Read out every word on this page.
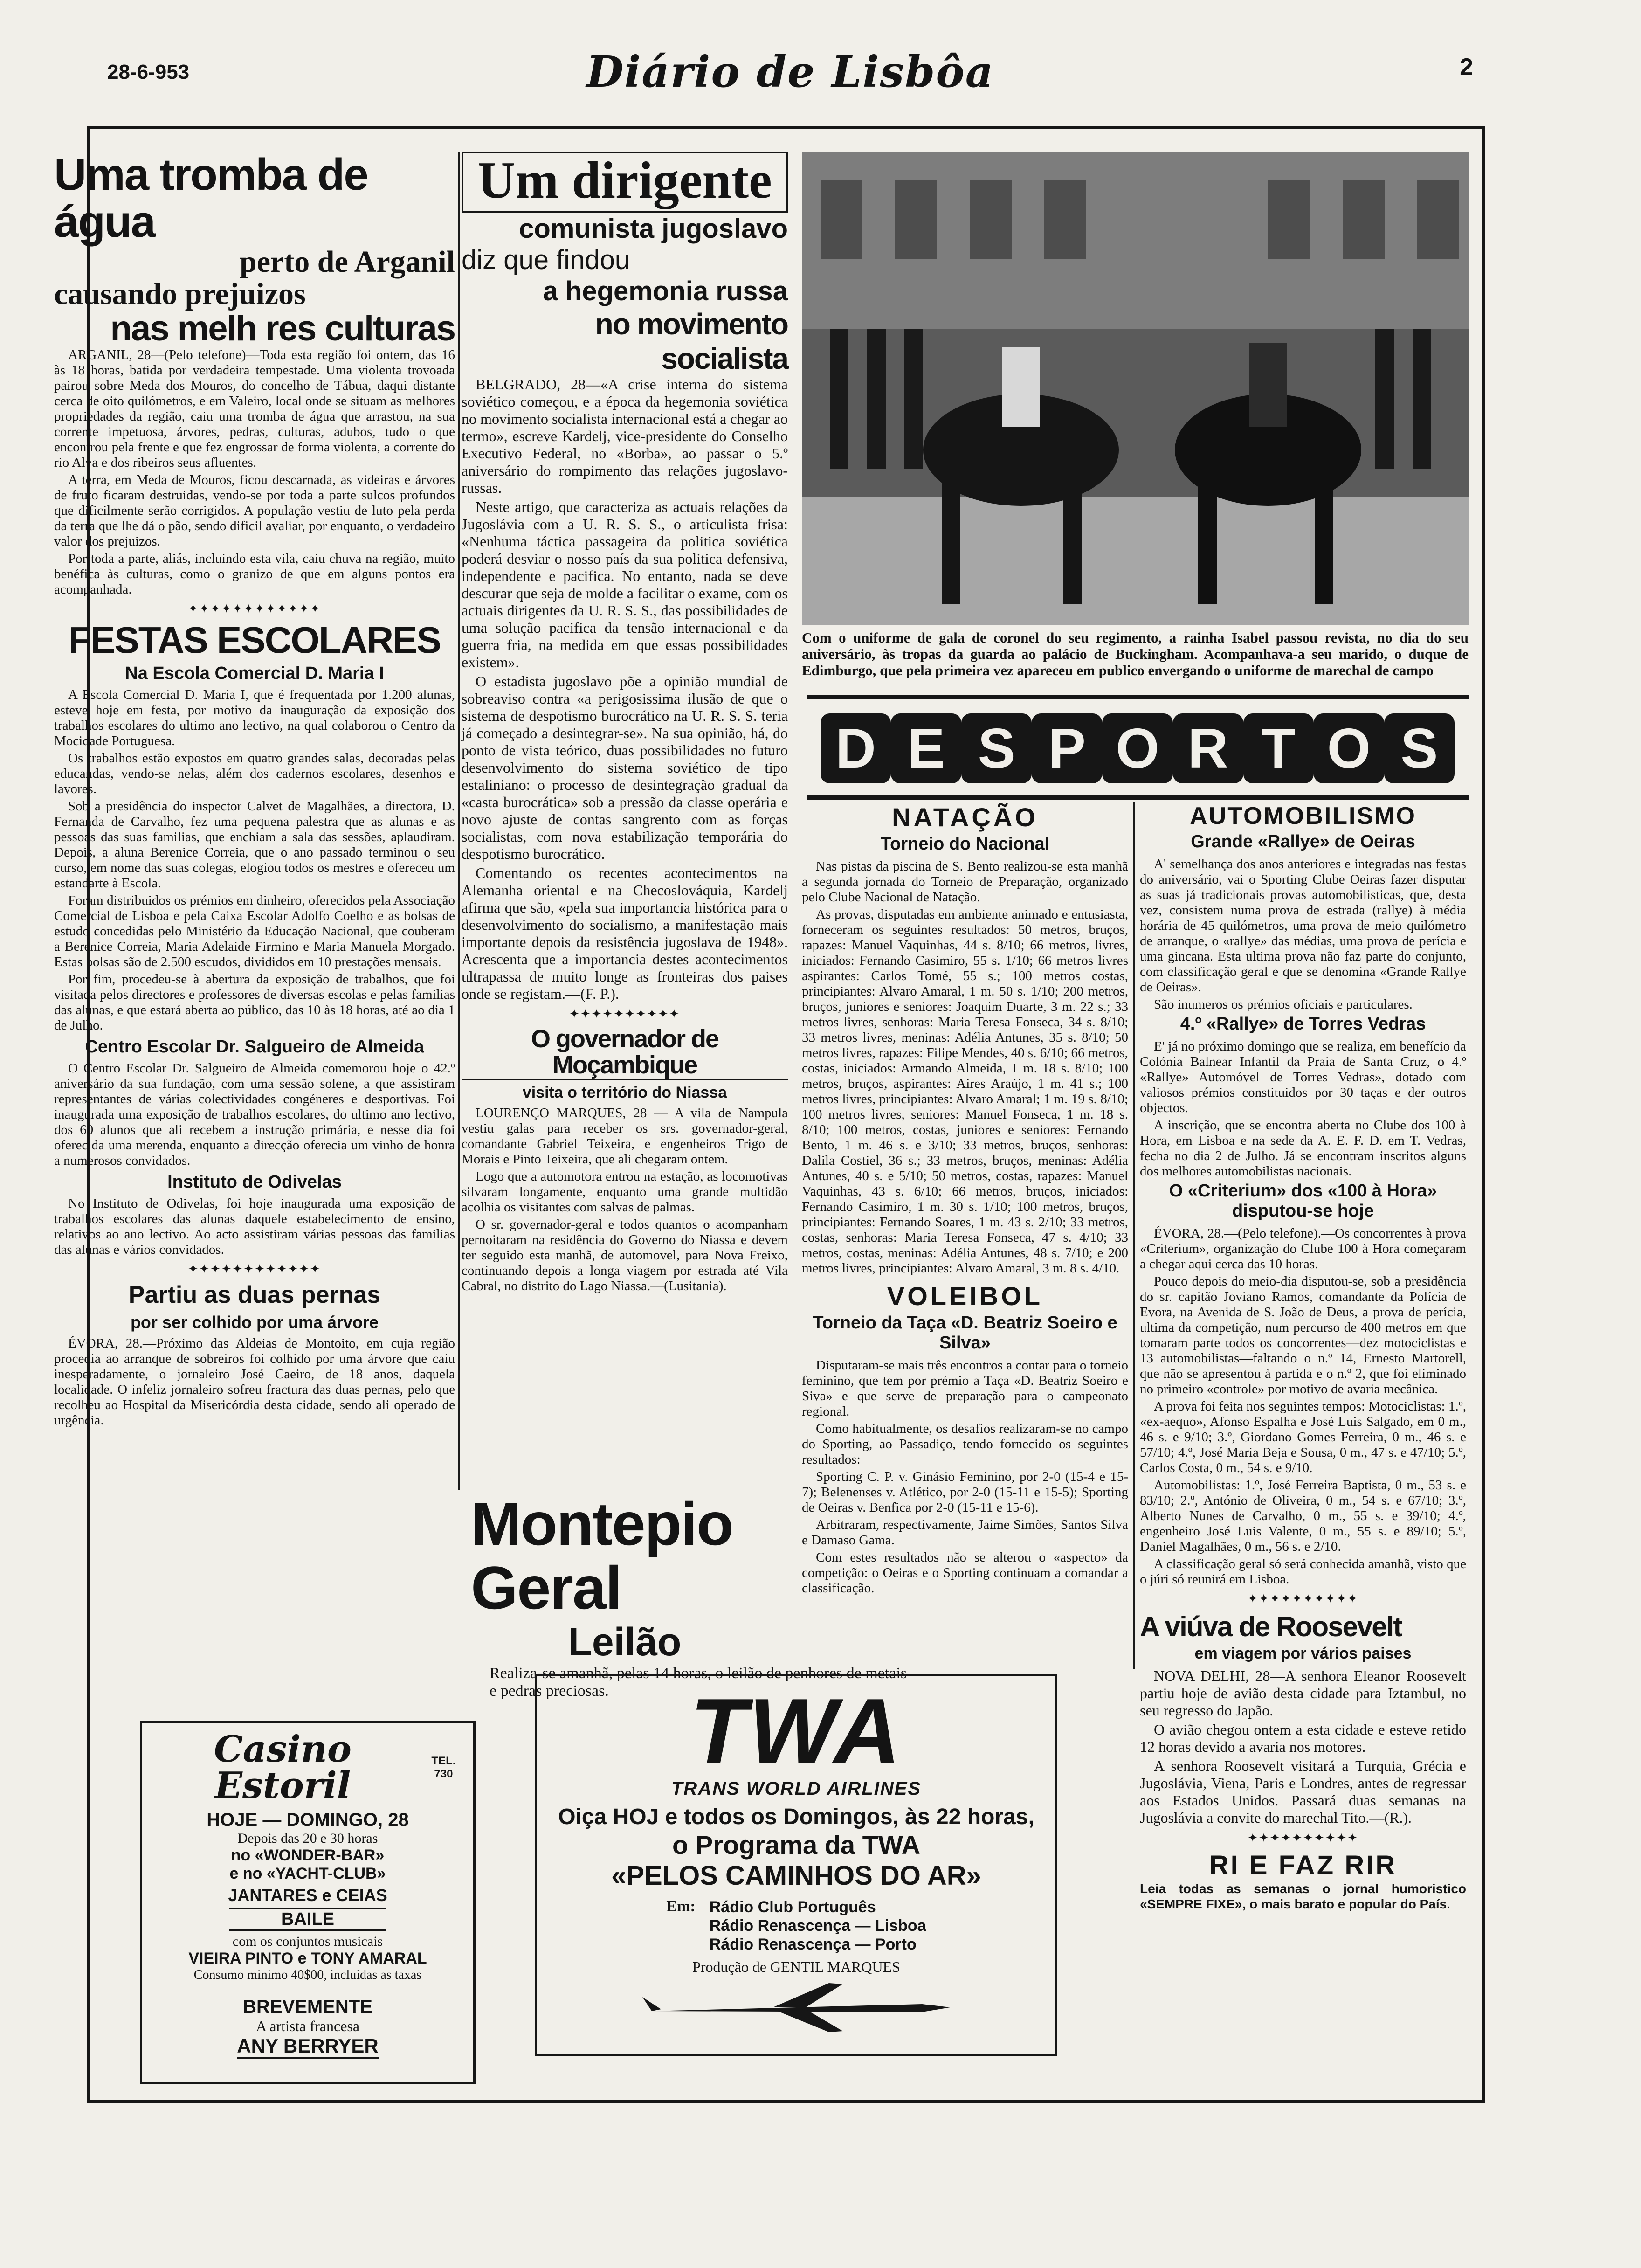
28-6-953	Diário de Lisbôa	2
Uma tromba de água
perto de Arganil
causando prejuizos
nas melh res culturas

ARGANIL, 28—(Pelo telefone)—Toda esta região foi ontem, das 16 às 18 horas, batida por verdadeira tempestade. Uma violenta trovoada pairou sobre Meda dos Mouros, do concelho de Tábua, daqui distante cerca de oito quilómetros, e em Valeiro, local onde se situam as melhores propriedades da região, caiu uma tromba de água que arrastou, na sua corrente impetuosa, árvores, pedras, culturas, adubos, tudo o que encontrou pela frente e que fez engrossar de forma violenta, a corrente do rio Alva e dos ribeiros seus afluentes.

A terra, em Meda de Mouros, ficou descarnada, as videiras e árvores de fruto ficaram destruidas, vendo-se por toda a parte sulcos profundos que dificilmente serão corrigidos. A população vestiu de luto pela perda da terra que lhe dá o pão, sendo dificil avaliar, por enquanto, o verdadeiro valor dos prejuizos.

Por toda a parte, aliás, incluindo esta vila, caiu chuva na região, muito benéfica às culturas, como o granizo de que em alguns pontos era acompanhada.

✦✦✦✦✦✦✦✦✦✦✦✦
FESTAS ESCOLARES
Na Escola Comercial D. Maria I

A Escola Comercial D. Maria I, que é frequentada por 1.200 alunas, esteve hoje em festa, por motivo da inauguração da exposição dos trabalhos escolares do ultimo ano lectivo, na qual colaborou o Centro da Mocidade Portuguesa.

Os trabalhos estão expostos em quatro grandes salas, decoradas pelas educandas, vendo-se nelas, além dos cadernos escolares, desenhos e lavores.

Sob a presidência do inspector Calvet de Magalhães, a directora, D. Fernanda de Carvalho, fez uma pequena palestra que as alunas e as pessoas das suas familias, que enchiam a sala das sessões, aplaudiram. Depois, a aluna Berenice Correia, que o ano passado terminou o seu curso, em nome das suas colegas, elogiou todos os mestres e ofereceu um estandarte à Escola.

Foram distribuidos os prémios em dinheiro, oferecidos pela Associação Comercial de Lisboa e pela Caixa Escolar Adolfo Coelho e as bolsas de estudo concedidas pelo Ministério da Educação Nacional, que couberam a Berenice Correia, Maria Adelaide Firmino e Maria Manuela Morgado. Estas bolsas são de 2.500 escudos, divididos em 10 prestações mensais.

Por fim, procedeu-se à abertura da exposição de trabalhos, que foi visitada pelos directores e professores de diversas escolas e pelas familias das alunas, e que estará aberta ao público, das 10 às 18 horas, até ao dia 1 de Julho.

Centro Escolar Dr. Salgueiro de Almeida

O Centro Escolar Dr. Salgueiro de Almeida comemorou hoje o 42.º aniversário da sua fundação, com uma sessão solene, a que assistiram representantes de várias colectividades congéneres e desportivas. Foi inaugurada uma exposição de trabalhos escolares, do ultimo ano lectivo, dos 60 alunos que ali recebem a instrução primária, e nesse dia foi oferecida uma merenda, enquanto a direcção oferecia um vinho de honra a numerosos convidados.

Instituto de Odivelas

No Instituto de Odivelas, foi hoje inaugurada uma exposição de trabalhos escolares das alunas daquele estabelecimento de ensino, relativos ao ano lectivo. Ao acto assistiram várias pessoas das familias das alunas e vários convidados.

✦✦✦✦✦✦✦✦✦✦✦✦
Partiu as duas pernas
por ser colhido por uma árvore

ÉVORA, 28.—Próximo das Aldeias de Montoito, em cuja região procedia ao arranque de sobreiros foi colhido por uma árvore que caiu inesperadamente, o jornaleiro José Caeiro, de 18 anos, daquela localidade. O infeliz jornaleiro sofreu fractura das duas pernas, pelo que recolheu ao Hospital da Misericórdia desta cidade, sendo ali operado de urgência.

Casino Estoril
TEL. 730
HOJE — DOMINGO, 28
Depois das 20 e 30 horas
no «WONDER-BAR»
e no «YACHT-CLUB»
JANTARES e CEIAS
BAILE
com os conjuntos musicais
VIEIRA PINTO e TONY AMARAL
Consumo minimo 40$00, incluidas as taxas
BREVEMENTE
A artista francesa
ANY BERRYER
Um dirigente
comunista jugoslavo
diz que findou
a hegemonia russa
no movimento socialista

BELGRADO, 28—«A crise interna do sistema soviético começou, e a época da hegemonia soviética no movimento socialista internacional está a chegar ao termo», escreve Kardelj, vice-presidente do Conselho Executivo Federal, no «Borba», ao passar o 5.º aniversário do rompimento das relações jugoslavo-russas.

Neste artigo, que caracteriza as actuais relações da Jugoslávia com a U. R. S. S., o articulista frisa: «Nenhuma táctica passageira da politica soviética poderá desviar o nosso país da sua politica defensiva, independente e pacifica. No entanto, nada se deve descurar que seja de molde a facilitar o exame, com os actuais dirigentes da U. R. S. S., das possibilidades de uma solução pacifica da tensão internacional e da guerra fria, na medida em que essas possibilidades existem».

O estadista jugoslavo põe a opinião mundial de sobreaviso contra «a perigosissima ilusão de que o sistema de despotismo burocrático na U. R. S. S. teria já começado a desintegrar-se». Na sua opinião, há, do ponto de vista teórico, duas possibilidades no futuro desenvolvimento do sistema soviético de tipo estaliniano: o processo de desintegração gradual da «casta burocrática» sob a pressão da classe operária e novo ajuste de contas sangrento com as forças socialistas, com nova estabilização temporária do despotismo burocrático.

Comentando os recentes acontecimentos na Alemanha oriental e na Checoslováquia, Kardelj afirma que são, «pela sua importancia histórica para o desenvolvimento do socialismo, a manifestação mais importante depois da resistência jugoslava de 1948». Acrescenta que a importancia destes acontecimentos ultrapassa de muito longe as fronteiras dos paises onde se registam.—(F. P.).

✦✦✦✦✦✦✦✦✦✦
O governador de Moçambique
visita o território do Niassa

LOURENÇO MARQUES, 28 — A vila de Nampula vestiu galas para receber os srs. governador-geral, comandante Gabriel Teixeira, e engenheiros Trigo de Morais e Pinto Teixeira, que ali chegaram ontem.

Logo que a automotora entrou na estação, as locomotivas silvaram longamente, enquanto uma grande multidão acolhia os visitantes com salvas de palmas.

O sr. governador-geral e todos quantos o acompanham pernoitaram na residência do Governo do Niassa e devem ter seguido esta manhã, de automovel, para Nova Freixo, continuando depois a longa viagem por estrada até Vila Cabral, no distrito do Lago Niassa.—(Lusitania).

Montepio Geral
Leilão

Realiza-se amanhã, pelas 14 horas, o leilão de penhores de metais e pedras preciosas.

Com o uniforme de gala de coronel do seu regimento, a rainha Isabel passou revista, no dia do seu aniversário, às tropas da guarda ao palácio de Buckingham. Acompanhava-a seu marido, o duque de Edimburgo, que pela primeira vez apareceu em publico envergando o uniforme de marechal de campo
D E S P O R T O S
NATAÇÃO
Torneio do Nacional

Nas pistas da piscina de S. Bento realizou-se esta manhã a segunda jornada do Torneio de Preparação, organizado pelo Clube Nacional de Natação.

As provas, disputadas em ambiente animado e entusiasta, forneceram os seguintes resultados: 50 metros, bruços, rapazes: Manuel Vaquinhas, 44 s. 8/10; 66 metros, livres, iniciados: Fernando Casimiro, 55 s. 1/10; 66 metros livres aspirantes: Carlos Tomé, 55 s.; 100 metros costas, principiantes: Alvaro Amaral, 1 m. 50 s. 1/10; 200 metros, bruços, juniores e seniores: Joaquim Duarte, 3 m. 22 s.; 33 metros livres, senhoras: Maria Teresa Fonseca, 34 s. 8/10; 33 metros livres, meninas: Adélia Antunes, 35 s. 8/10; 50 metros livres, rapazes: Filipe Mendes, 40 s. 6/10; 66 metros, costas, iniciados: Armando Almeida, 1 m. 18 s. 8/10; 100 metros, bruços, aspirantes: Aires Araújo, 1 m. 41 s.; 100 metros livres, principiantes: Alvaro Amaral; 1 m. 19 s. 8/10; 100 metros livres, seniores: Manuel Fonseca, 1 m. 18 s. 8/10; 100 metros, costas, juniores e seniores: Fernando Bento, 1 m. 46 s. e 3/10; 33 metros, bruços, senhoras: Dalila Costiel, 36 s.; 33 metros, bruços, meninas: Adélia Antunes, 40 s. e 5/10; 50 metros, costas, rapazes: Manuel Vaquinhas, 43 s. 6/10; 66 metros, bruços, iniciados: Fernando Casimiro, 1 m. 30 s. 1/10; 100 metros, bruços, principiantes: Fernando Soares, 1 m. 43 s. 2/10; 33 metros, costas, senhoras: Maria Teresa Fonseca, 47 s. 4/10; 33 metros, costas, meninas: Adélia Antunes, 48 s. 7/10; e 200 metros livres, principiantes: Alvaro Amaral, 3 m. 8 s. 4/10.

VOLEIBOL
Torneio da Taça «D. Beatriz Soeiro e Silva»

Disputaram-se mais três encontros a contar para o torneio feminino, que tem por prémio a Taça «D. Beatriz Soeiro e Siva» e que serve de preparação para o campeonato regional.

Como habitualmente, os desafios realizaram-se no campo do Sporting, ao Passadiço, tendo fornecido os seguintes resultados:

Sporting C. P. v. Ginásio Feminino, por 2-0 (15-4 e 15-7); Belenenses v. Atlético, por 2-0 (15-11 e 15-5); Sporting de Oeiras v. Benfica por 2-0 (15-11 e 15-6).

Arbitraram, respectivamente, Jaime Simões, Santos Silva e Damaso Gama.

Com estes resultados não se alterou o «aspecto» da competição: o Oeiras e o Sporting continuam a comandar a classificação.

AUTOMOBILISMO
Grande «Rallye» de Oeiras

A' semelhança dos anos anteriores e integradas nas festas do aniversário, vai o Sporting Clube Oeiras fazer disputar as suas já tradicionais provas automobilisticas, que, desta vez, consistem numa prova de estrada (rallye) à média horária de 45 quilómetros, uma prova de meio quilómetro de arranque, o «rallye» das médias, uma prova de perícia e uma gincana. Esta ultima prova não faz parte do conjunto, com classificação geral e que se denomina «Grande Rallye de Oeiras».

São inumeros os prémios oficiais e particulares.

4.º «Rallye» de Torres Vedras

E' já no próximo domingo que se realiza, em benefício da Colónia Balnear Infantil da Praia de Santa Cruz, o 4.º «Rallye» Automóvel de Torres Vedras», dotado com valiosos prémios constituidos por 30 taças e der outros objectos.

A inscrição, que se encontra aberta no Clube dos 100 à Hora, em Lisboa e na sede da A. E. F. D. em T. Vedras, fecha no dia 2 de Julho. Já se encontram inscritos alguns dos melhores automobilistas nacionais.

O «Criterium» dos «100 à Hora» disputou-se hoje

ÉVORA, 28.—(Pelo telefone).—Os concorrentes à prova «Criterium», organização do Clube 100 à Hora começaram a chegar aqui cerca das 10 horas.

Pouco depois do meio-dia disputou-se, sob a presidência do sr. capitão Joviano Ramos, comandante da Polícia de Evora, na Avenida de S. João de Deus, a prova de perícia, ultima da competição, num percurso de 400 metros em que tomaram parte todos os concorrentes—dez motociclistas e 13 automobilistas—faltando o n.º 14, Ernesto Martorell, que não se apresentou à partida e o n.º 2, que foi eliminado no primeiro «controle» por motivo de avaria mecânica.

A prova foi feita nos seguintes tempos: Motociclistas: 1.º, «ex-aequo», Afonso Espalha e José Luis Salgado, em 0 m., 46 s. e 9/10; 3.º, Giordano Gomes Ferreira, 0 m., 46 s. e 57/10; 4.º, José Maria Beja e Sousa, 0 m., 47 s. e 47/10; 5.º, Carlos Costa, 0 m., 54 s. e 9/10.

Automobilistas: 1.º, José Ferreira Baptista, 0 m., 53 s. e 83/10; 2.º, António de Oliveira, 0 m., 54 s. e 67/10; 3.º, Alberto Nunes de Carvalho, 0 m., 55 s. e 39/10; 4.º, engenheiro José Luis Valente, 0 m., 55 s. e 89/10; 5.º, Daniel Magalhães, 0 m., 56 s. e 2/10.

A classificação geral só será conhecida amanhã, visto que o júri só reunirá em Lisboa.

✦✦✦✦✦✦✦✦✦✦
A viúva de Roosevelt
em viagem por vários paises

NOVA DELHI, 28—A senhora Eleanor Roosevelt partiu hoje de avião desta cidade para Iztambul, no seu regresso do Japão.

O avião chegou ontem a esta cidade e esteve retido 12 horas devido a avaria nos motores.

A senhora Roosevelt visitará a Turquia, Grécia e Jugoslávia, Viena, Paris e Londres, antes de regressar aos Estados Unidos. Passará duas semanas na Jugoslávia a convite do marechal Tito.—(R.).

✦✦✦✦✦✦✦✦✦✦
RI E FAZ RIR

Leia todas as semanas o jornal humoristico «SEMPRE FIXE», o mais barato e popular do País.

TWA
TRANS WORLD AIRLINES
Oiça HOJ e todos os Domingos, às 22 horas,
o Programa da TWA
«PELOS CAMINHOS DO AR»
Em: Rádio Club Português
Rádio Renascença — Lisboa
Rádio Renascença — Porto
Produção de GENTIL MARQUES
